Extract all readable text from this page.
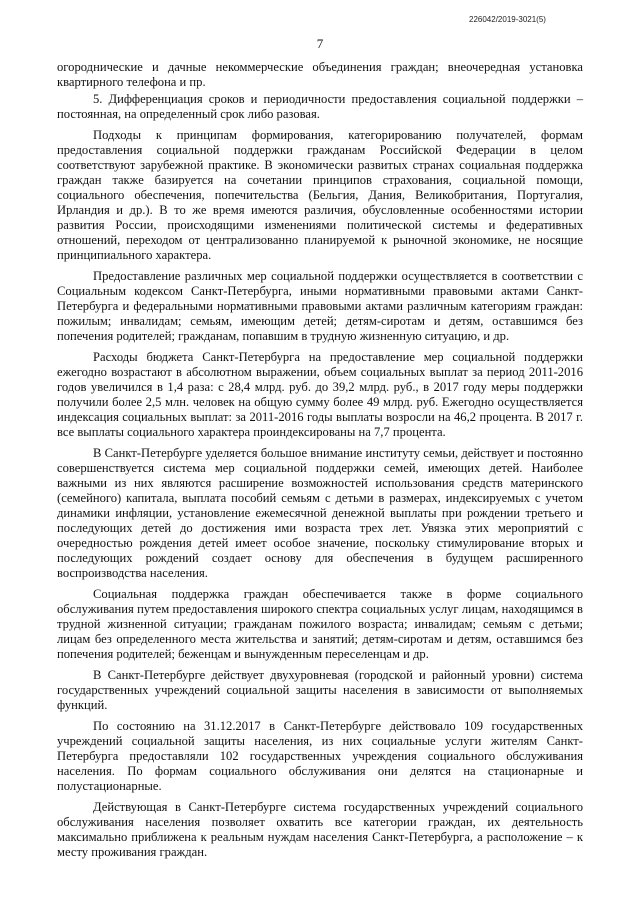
226042/2019-3021(5)
7

огороднические и дачные некоммерческие объединения граждан; внеочередная установка квартирного телефона и пр.

5. Дифференциация сроков и периодичности предоставления социальной поддержки – постоянная, на определенный срок либо разовая.

Подходы к принципам формирования, категорированию получателей, формам предоставления социальной поддержки гражданам Российской Федерации в целом соответствуют зарубежной практике. В экономически развитых странах социальная поддержка граждан также базируется на сочетании принципов страхования, социальной помощи, социального обеспечения, попечительства (Бельгия, Дания, Великобритания, Португалия, Ирландия и др.). В то же время имеются различия, обусловленные особенностями истории развития России, происходящими изменениями политической системы и федеративных отношений, переходом от централизованно планируемой к рыночной экономике, не носящие принципиального характера.

Предоставление различных мер социальной поддержки осуществляется в соответствии с Социальным кодексом Санкт-Петербурга, иными нормативными правовыми актами Санкт-Петербурга и федеральными нормативными правовыми актами различным категориям граждан: пожилым; инвалидам; семьям, имеющим детей; детям-сиротам и детям, оставшимся без попечения родителей; гражданам, попавшим в трудную жизненную ситуацию, и др.

Расходы бюджета Санкт-Петербурга на предоставление мер социальной поддержки ежегодно возрастают в абсолютном выражении, объем социальных выплат за период 2011-2016 годов увеличился в 1,4 раза: с 28,4 млрд. руб. до 39,2 млрд. руб., в 2017 году меры поддержки получили более 2,5 млн. человек на общую сумму более 49 млрд. руб. Ежегодно осуществляется индексация социальных выплат: за 2011-2016 годы выплаты возросли на 46,2 процента. В 2017 г. все выплаты социального характера проиндексированы на 7,7 процента.

В Санкт-Петербурге уделяется большое внимание институту семьи, действует и постоянно совершенствуется система мер социальной поддержки семей, имеющих детей. Наиболее важными из них являются расширение возможностей использования средств материнского (семейного) капитала, выплата пособий семьям с детьми в размерах, индексируемых с учетом динамики инфляции, установление ежемесячной денежной выплаты при рождении третьего и последующих детей до достижения ими возраста трех лет. Увязка этих мероприятий с очередностью рождения детей имеет особое значение, поскольку стимулирование вторых и последующих рождений создает основу для обеспечения в будущем расширенного воспроизводства населения.

Социальная поддержка граждан обеспечивается также в форме социального обслуживания путем предоставления широкого спектра социальных услуг лицам, находящимся в трудной жизненной ситуации; гражданам пожилого возраста; инвалидам; семьям с детьми; лицам без определенного места жительства и занятий; детям-сиротам и детям, оставшимся без попечения родителей; беженцам и вынужденным переселенцам и др.

В Санкт-Петербурге действует двухуровневая (городской и районный уровни) система государственных учреждений социальной защиты населения в зависимости от выполняемых функций.

По состоянию на 31.12.2017 в Санкт-Петербурге действовало 109 государственных учреждений социальной защиты населения, из них социальные услуги жителям Санкт-Петербурга предоставляли 102 государственных учреждения социального обслуживания населения. По формам социального обслуживания они делятся на стационарные и полустационарные.

Действующая в Санкт-Петербурге система государственных учреждений социального обслуживания населения позволяет охватить все категории граждан, их деятельность максимально приближена к реальным нуждам населения Санкт-Петербурга, а расположение – к месту проживания граждан.
